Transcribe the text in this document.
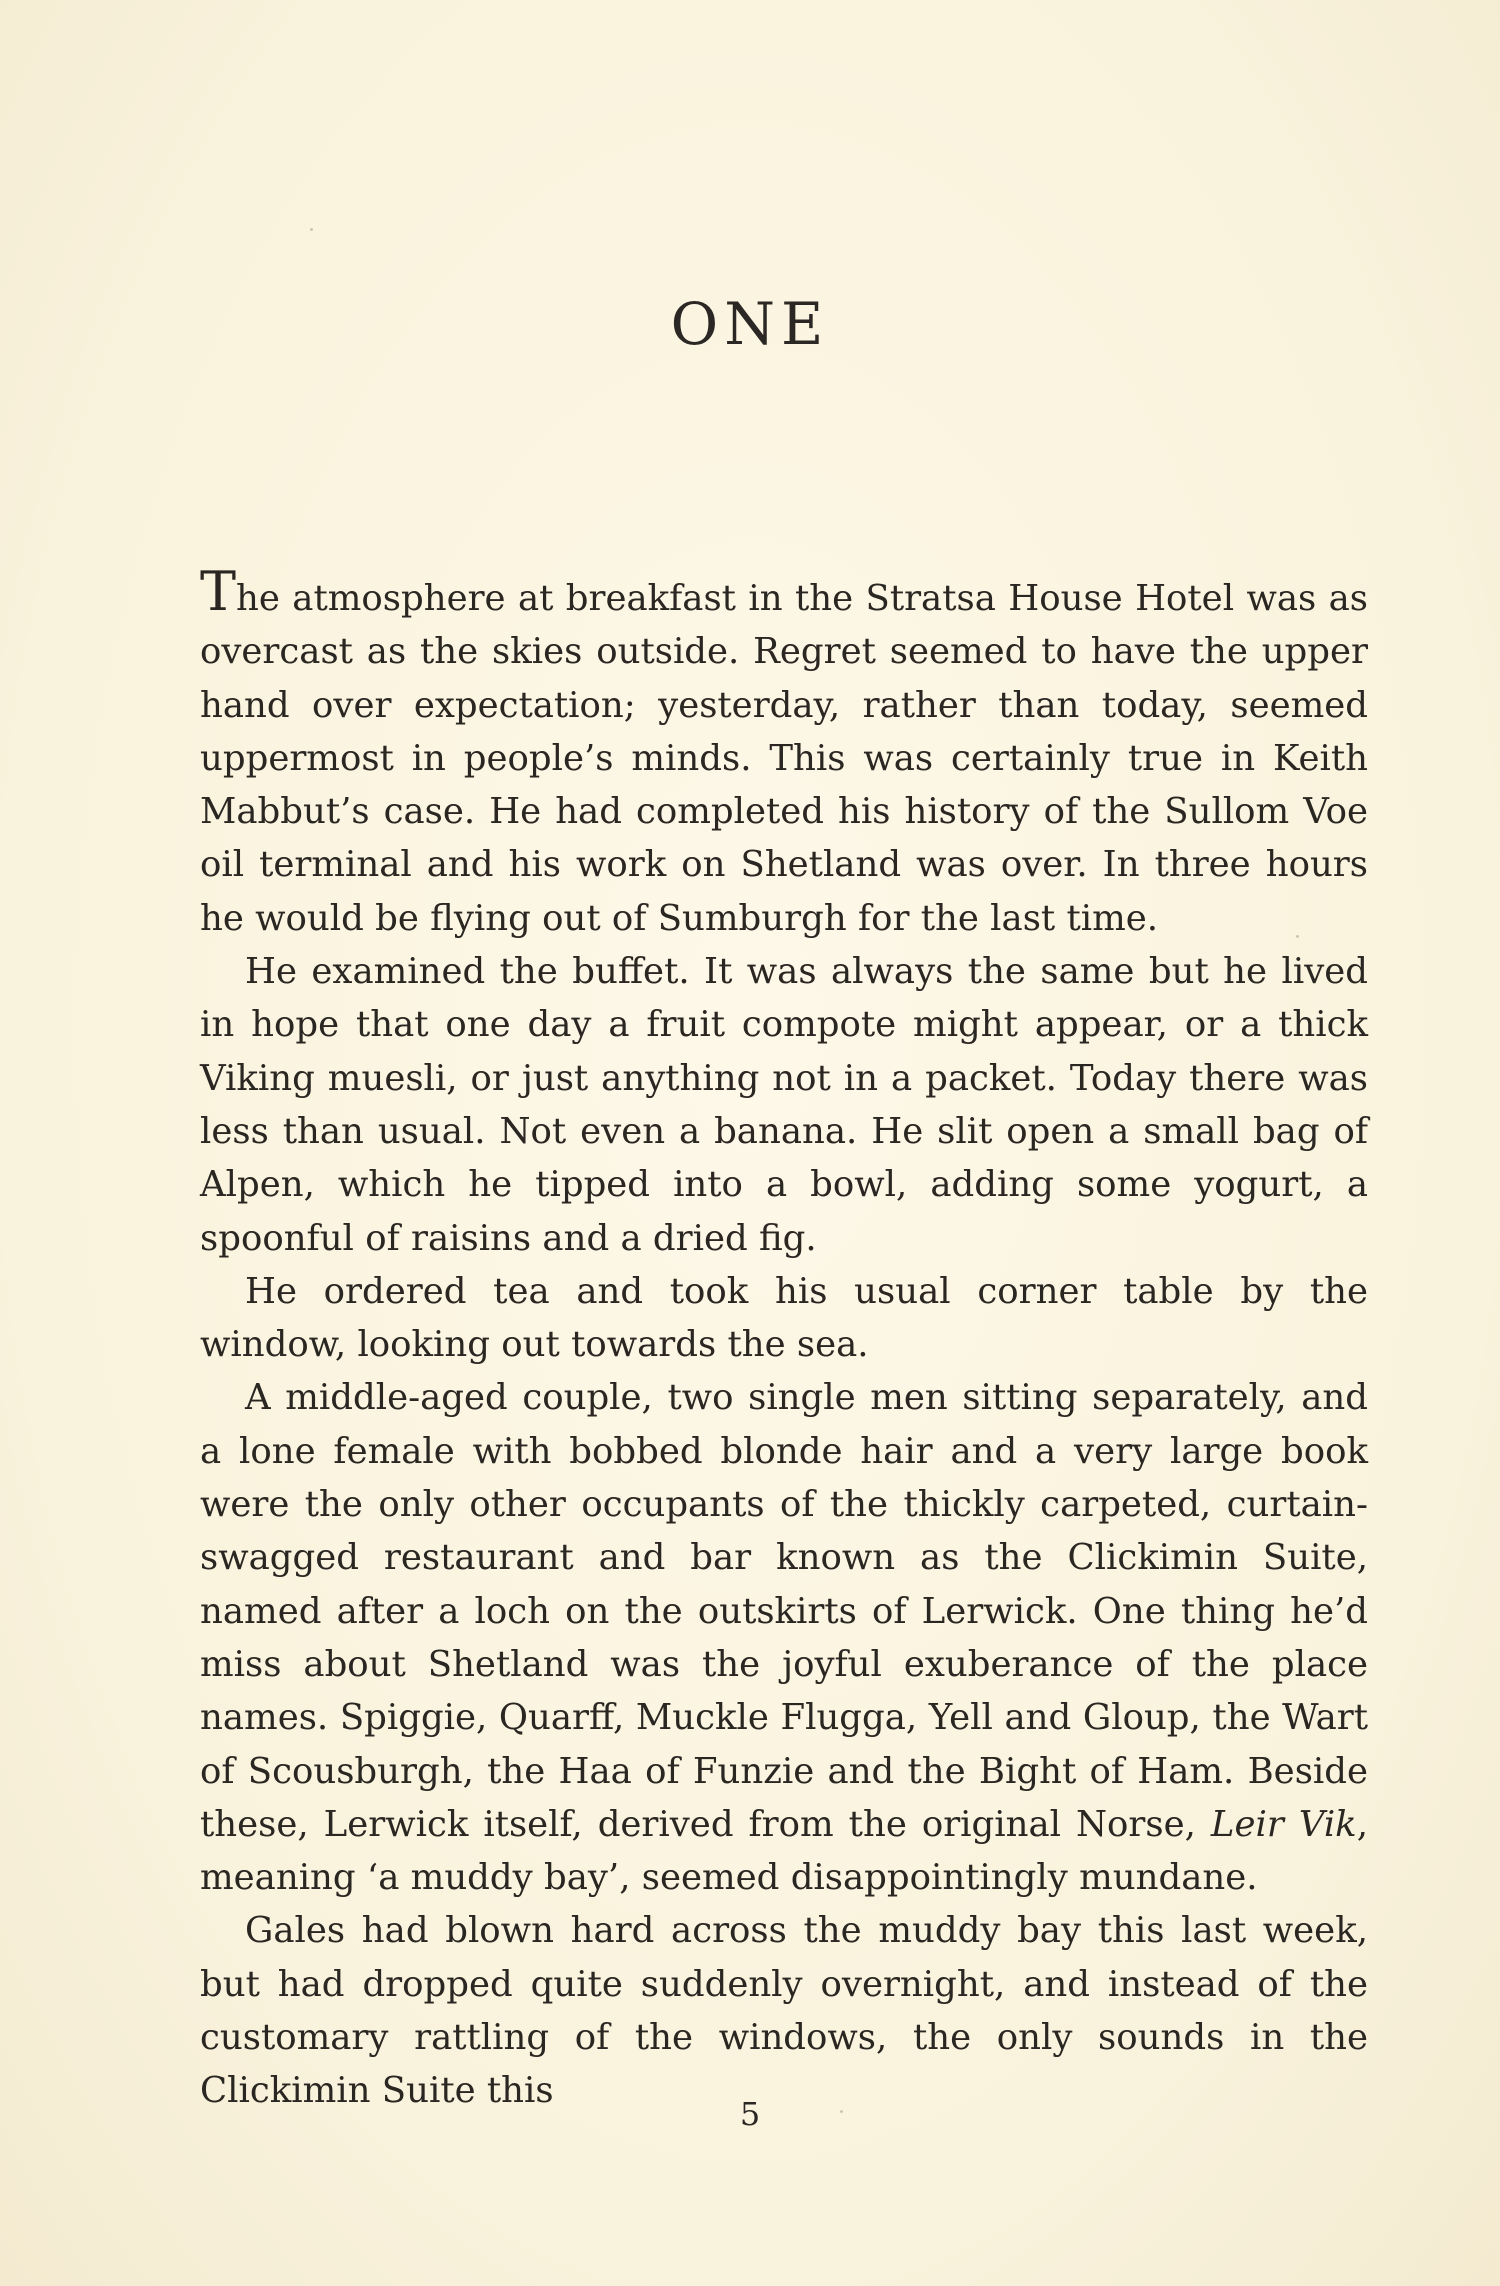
ONE

The atmosphere at breakfast in the Stratsa House Hotel was as overcast as the skies outside. Regret seemed to have the upper hand over expectation; yesterday, rather than today, seemed uppermost in people’s minds. This was certainly true in Keith Mabbut’s case. He had completed his history of the Sullom Voe oil terminal and his work on Shetland was over. In three hours he would be flying out of Sumburgh for the last time.

He examined the buffet. It was always the same but he lived in hope that one day a fruit compote might appear, or a thick Viking muesli, or just anything not in a packet. Today there was less than usual. Not even a banana. He slit open a small bag of Alpen, which he tipped into a bowl, adding some yogurt, a spoonful of raisins and a dried fig.

He ordered tea and took his usual corner table by the window, looking out towards the sea.

A middle-aged couple, two single men sitting separately, and a lone female with bobbed blonde hair and a very large book were the only other occupants of the thickly carpeted, curtain-swagged restaurant and bar known as the Clickimin Suite, named after a loch on the outskirts of Lerwick. One thing he’d miss about Shetland was the joyful exuberance of the place names. Spiggie, Quarff, Muckle Flugga, Yell and Gloup, the Wart of Scousburgh, the Haa of Funzie and the Bight of Ham. Beside these, Lerwick itself, derived from the original Norse, Leir Vik, meaning ‘a muddy bay’, seemed disappointingly mundane.

Gales had blown hard across the muddy bay this last week, but had dropped quite suddenly overnight, and instead of the customary rattling of the windows, the only sounds in the Clickimin Suite this

5
